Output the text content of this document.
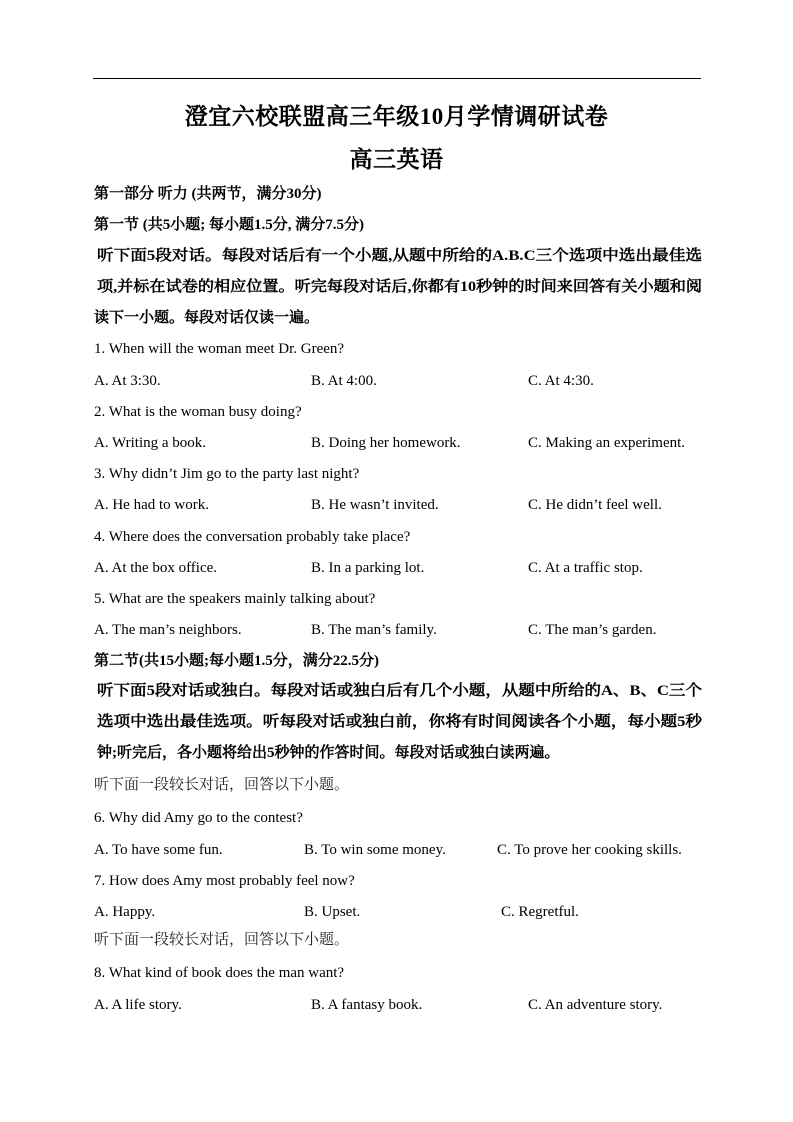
澄宜六校联盟高三年级10月学情调研试卷
高三英语
第一部分 听力 (共两节，满分30分)
第一节 (共5小题; 每小题1.5分, 满分7.5分)
听下面5段对话。每段对话后有一个小题,从题中所给的A.B.C三个选项中选出最佳选
项,并标在试卷的相应位置。听完每段对话后,你都有10秒钟的时间来回答有关小题和阅
读下一小题。每段对话仅读一遍。
1. When will the woman meet Dr. Green?
A. At 3:30.	B. At 4:00.	C. At 4:30.
2. What is the woman busy doing?
A. Writing a book.	B. Doing her homework.	C. Making an experiment.
3. Why didn’t Jim go to the party last night?
A. He had to work.	B. He wasn’t invited.	C. He didn’t feel well.
4. Where does the conversation probably take place?
A. At the box office.	B. In a parking lot.	C. At a traffic stop.
5. What are the speakers mainly talking about?
A. The man’s neighbors.	B. The man’s family.	C. The man’s garden.
第二节(共15小题;每小题1.5分，满分22.5分)
听下面5段对话或独白。每段对话或独白后有几个小题，从题中所给的A、B、C三个
选项中选出最佳选项。听每段对话或独白前，你将有时间阅读各个小题，每小题5秒
钟;听完后，各小题将给出5秒钟的作答时间。每段对话或独白读两遍。
听下面一段较长对话，回答以下小题。
6. Why did Amy go to the contest?
A. To have some fun.	B. To win some money.	C. To prove her cooking skills.
7. How does Amy most probably feel now?
A. Happy.	B. Upset.	C. Regretful.
听下面一段较长对话，回答以下小题。
8. What kind of book does the man want?
A. A life story.	B. A fantasy book.	C. An adventure story.
